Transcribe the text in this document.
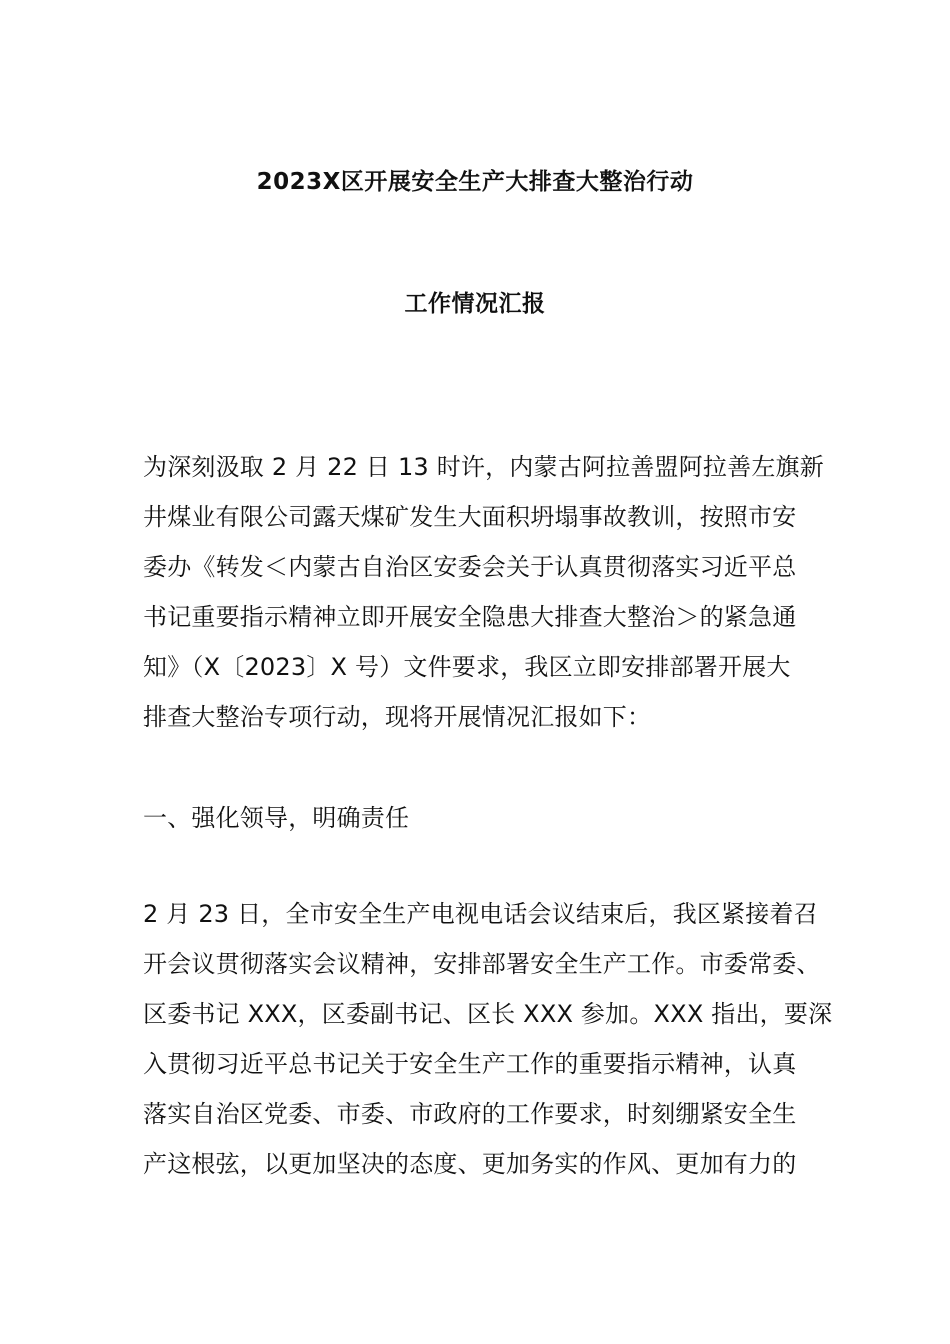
2023X区开展安全生产大排查大整治行动
工作情况汇报
为深刻汲取 2 月 22 日 13 时许，内蒙古阿拉善盟阿拉善左旗新
井煤业有限公司露天煤矿发生大面积坍塌事故教训，按照市安
委办《转发＜内蒙古自治区安委会关于认真贯彻落实习近平总
书记重要指示精神立即开展安全隐患大排查大整治＞的紧急通
知》（X〔2023〕X 号）文件要求，我区立即安排部署开展大
排查大整治专项行动，现将开展情况汇报如下：
一、强化领导，明确责任
2 月 23 日，全市安全生产电视电话会议结束后，我区紧接着召
开会议贯彻落实会议精神，安排部署安全生产工作。市委常委、
区委书记 XXX，区委副书记、区长 XXX 参加。XXX 指出，要深
入贯彻习近平总书记关于安全生产工作的重要指示精神，认真
落实自治区党委、市委、市政府的工作要求，时刻绷紧安全生
产这根弦，以更加坚决的态度、更加务实的作风、更加有力的
